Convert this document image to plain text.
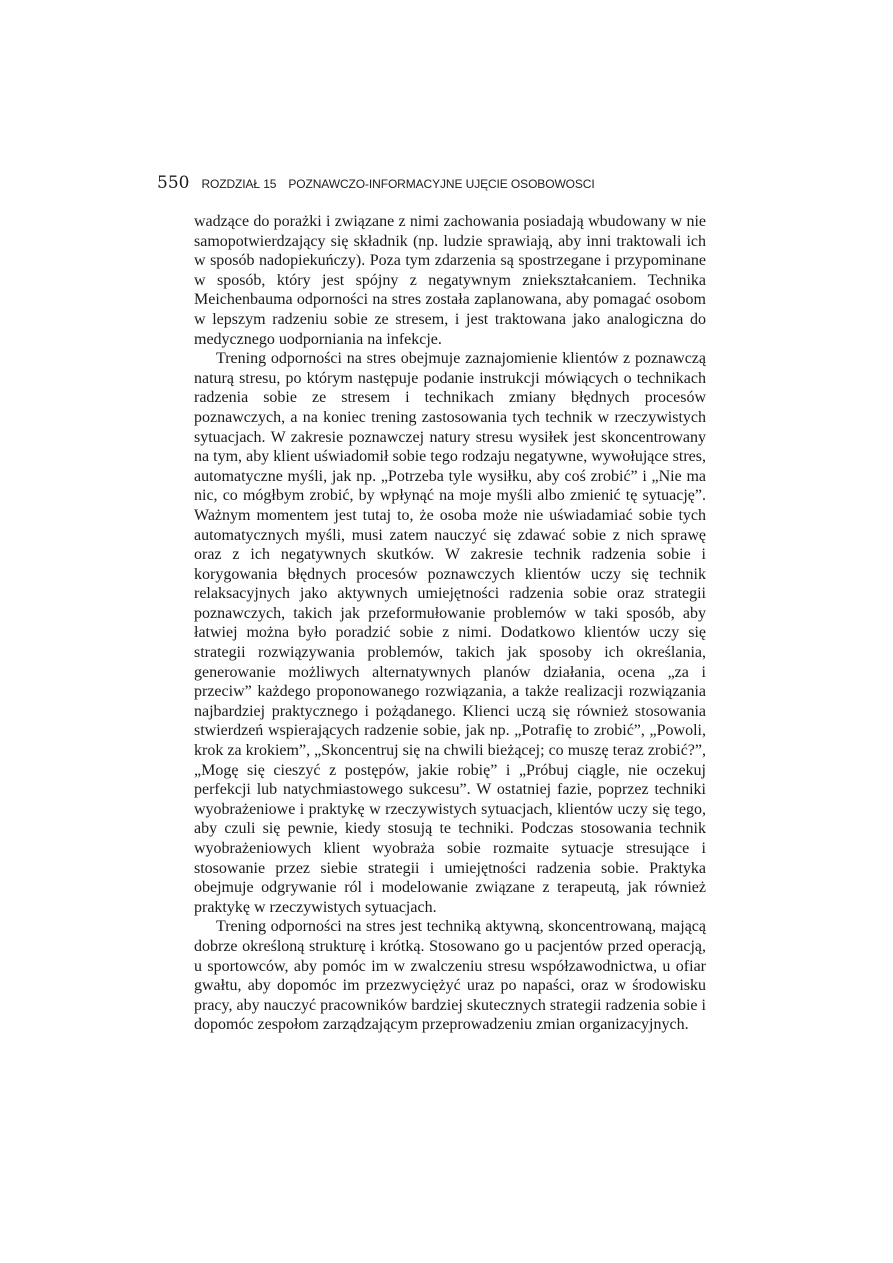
550 ROZDZIAŁ 15 POZNAWCZO-INFORMACYJNE UJĘCIE OSOBOWOSCI

wadzące do porażki i związane z nimi zachowania posiadają wbudowany w nie samopotwierdzający się składnik (np. ludzie sprawiają, aby inni traktowali ich w sposób nadopiekuńczy). Poza tym zdarzenia są spostrzegane i przypominane w sposób, który jest spójny z negatywnym zniekształcaniem. Technika Meichenbauma odporności na stres została zaplanowana, aby pomagać osobom w lepszym radzeniu sobie ze stresem, i jest traktowana jako analogiczna do medycznego uodporniania na infekcje.

Trening odporności na stres obejmuje zaznajomienie klientów z poznawczą naturą stresu, po którym następuje podanie instrukcji mówiących o technikach radzenia sobie ze stresem i technikach zmiany błędnych procesów poznawczych, a na koniec trening zastosowania tych technik w rzeczywistych sytuacjach. W zakresie poznawczej natury stresu wysiłek jest skoncentrowany na tym, aby klient uświadomił sobie tego rodzaju negatywne, wywołujące stres, automatyczne myśli, jak np. „Potrzeba tyle wysiłku, aby coś zrobić” i „Nie ma nic, co mógłbym zrobić, by wpłynąć na moje myśli albo zmienić tę sytuację”. Ważnym momentem jest tutaj to, że osoba może nie uświadamiać sobie tych automatycznych myśli, musi zatem nauczyć się zdawać sobie z nich sprawę oraz z ich negatywnych skutków. W zakresie technik radzenia sobie i korygowania błędnych procesów poznawczych klientów uczy się technik relaksacyjnych jako aktywnych umiejętności radzenia sobie oraz strategii poznawczych, takich jak przeformułowanie problemów w taki sposób, aby łatwiej można było poradzić sobie z nimi. Dodatkowo klientów uczy się strategii rozwiązywania problemów, takich jak sposoby ich określania, generowanie możliwych alternatywnych planów działania, ocena „za i przeciw” każdego proponowanego rozwiązania, a także realizacji rozwiązania najbardziej praktycznego i pożądanego. Klienci uczą się również stosowania stwierdzeń wspierających radzenie sobie, jak np. „Potrafię to zrobić”, „Powoli, krok za krokiem”, „Skoncentruj się na chwili bieżącej; co muszę teraz zrobić?”, „Mogę się cieszyć z postępów, jakie robię” i „Próbuj ciągle, nie oczekuj perfekcji lub natychmiastowego sukcesu”. W ostatniej fazie, poprzez techniki wyobrażeniowe i praktykę w rzeczywistych sytuacjach, klientów uczy się tego, aby czuli się pewnie, kiedy stosują te techniki. Podczas stosowania technik wyobrażeniowych klient wyobraża sobie rozmaite sytuacje stresujące i stosowanie przez siebie strategii i umiejętności radzenia sobie. Praktyka obejmuje odgrywanie ról i modelowanie związane z terapeutą, jak również praktykę w rzeczywistych sytuacjach.

Trening odporności na stres jest techniką aktywną, skoncentrowaną, mającą dobrze określoną strukturę i krótką. Stosowano go u pacjentów przed operacją, u sportowców, aby pomóc im w zwalczeniu stresu współzawodnictwa, u ofiar gwałtu, aby dopomóc im przezwyciężyć uraz po napaści, oraz w środowisku pracy, aby nauczyć pracowników bardziej skutecznych strategii radzenia sobie i dopomóc zespołom zarządzającym przeprowadzeniu zmian organizacyjnych.
